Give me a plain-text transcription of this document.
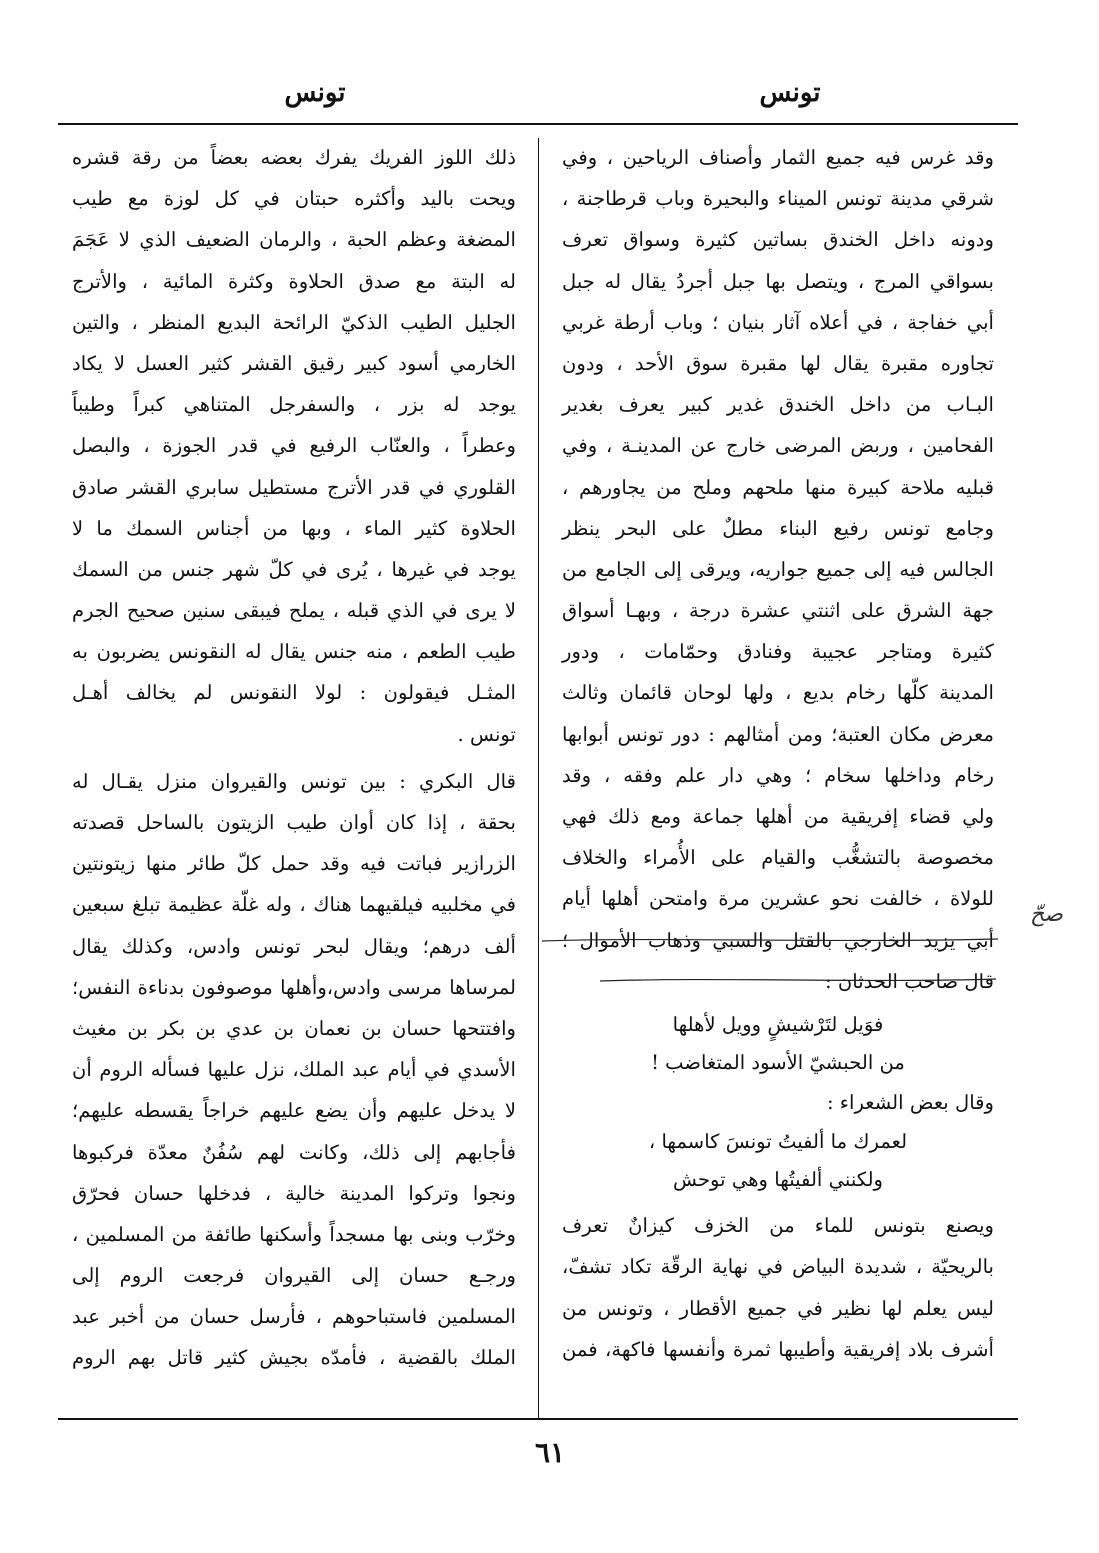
تونس
تونس
وقد غرس فيه جميع الثمار وأصناف الرياحين ، وفي
شرقي مدينة تونس الميناء والبحيرة وباب قرطاجنة ،
ودونه داخل الخندق بساتين كثيرة وسواق تعرف
بسواقي المرج ، ويتصل بها جبل أجردُ يقال له جبل
أبي خفاجة ، في أعلاه آثار بنيان ؛ وباب أرطة غربي
تجاوره مقبرة يقال لها مقبرة سوق الأحد ، ودون
البـاب من داخل الخندق غدير كبير يعرف بغدير
الفحامين ، وربض المرضى خارج عن المدينـة ، وفي
قبليه ملاحة كبيرة منها ملحهم وملح من يجاورهم ،
وجامع تونس رفيع البناء مطلٌ على البحر ينظر
الجالس فيه إلى جميع جواريه، ويرقى إلى الجامع من
جهة الشرق على اثنتي عشرة درجة ، وبهـا أسواق
كثيرة ومتاجر عجيبة وفنادق وحمّامات ، ودور
المدينة كلّها رخام بديع ، ولها لوحان قائمان وثالث
معرض مكان العتبة؛ ومن أمثالهم : دور تونس أبوابها
رخام وداخلها سخام ؛ وهي دار علم وفقه ، وقد
ولي قضاء إفريقية من أهلها جماعة ومع ذلك فهي
مخصوصة بالتشغُّب والقيام على الأُمراء والخلاف
للولاة ، خالفت نحو عشرين مرة وامتحن أهلها أيام
أبي يزيد الخارجي بالقتل والسبي وذهاب الأموال ؛
قال صاحب الحدثان :
فوَيل لتَرْشيشٍ وويل لأهلها
من الحبشيّ الأسود المتغاضب !
وقال بعض الشعراء :
لعمرك ما ألفيتُ تونسَ كاسمها ،
ولكنني ألفيتُها وهي توحش
ويصنع بتونس للماء من الخزف كيزانٌ تعرف
بالريحيّة ، شديدة البياض في نهاية الرقّة تكاد تشفّ،
ليس يعلم لها نظير في جميع الأقطار ، وتونس من
أشرف بلاد إفريقية وأطيبها ثمرة وأنفسها فاكهة، فمن
ذلك اللوز الفريك يفرك بعضه بعضاً من رقة قشره
ويحت باليد وأكثره حبتان في كل لوزة مع طيب
المضغة وعظم الحبة ، والرمان الضعيف الذي لا عَجَمَ
له البتة مع صدق الحلاوة وكثرة المائية ، والأترج
الجليل الطيب الذكيّ الرائحة البديع المنظر ، والتين
الخارمي أسود كبير رقيق القشر كثير العسل لا يكاد
يوجد له بزر ، والسفرجل المتناهي كبراً وطيباً
وعطراً ، والعنّاب الرفيع في قدر الجوزة ، والبصل
القلوري في قدر الأترج مستطيل سابري القشر صادق
الحلاوة كثير الماء ، وبها من أجناس السمك ما لا
يوجد في غيرها ، يُرى في كلّ شهر جنس من السمك
لا يرى في الذي قبله ، يملح فيبقى سنين صحيح الجرم
طيب الطعم ، منه جنس يقال له النقونس يضربون به
المثـل فيقولون : لولا النقونس لم يخالف أهـل
تونس .
قال البكري : بين تونس والقيروان منزل يقـال له
بحقة ، إذا كان أوان طيب الزيتون بالساحل قصدته
الزرازير فباتت فيه وقد حمل كلّ طائر منها زيتونتين
في مخلبيه فيلقيهما هناك ، وله غلّة عظيمة تبلغ سبعين
ألف درهم؛ ويقال لبحر تونس وادس، وكذلك يقال
لمرساها مرسى وادس،وأهلها موصوفون بدناءة النفس؛
وافتتحها حسان بن نعمان بن عدي بن بكر بن مغيث
الأسدي في أيام عبد الملك، نزل عليها فسأله الروم أن
لا يدخل عليهم وأن يضع عليهم خراجاً يقسطه عليهم؛
فأجابهم إلى ذلك، وكانت لهم سُفُنٌ معدّة فركبوها
ونجوا وتركوا المدينة خالية ، فدخلها حسان فحرّق
وخرّب وبنى بها مسجداً وأسكنها طائفة من المسلمين ،
ورجـع حسان إلى القيروان فرجعت الروم إلى
المسلمين فاستباحوهم ، فأرسل حسان من أخبر عبد
الملك بالقضية ، فأمدّه بجيش كثير قاتل بهم الروم
صحّ
٦١
